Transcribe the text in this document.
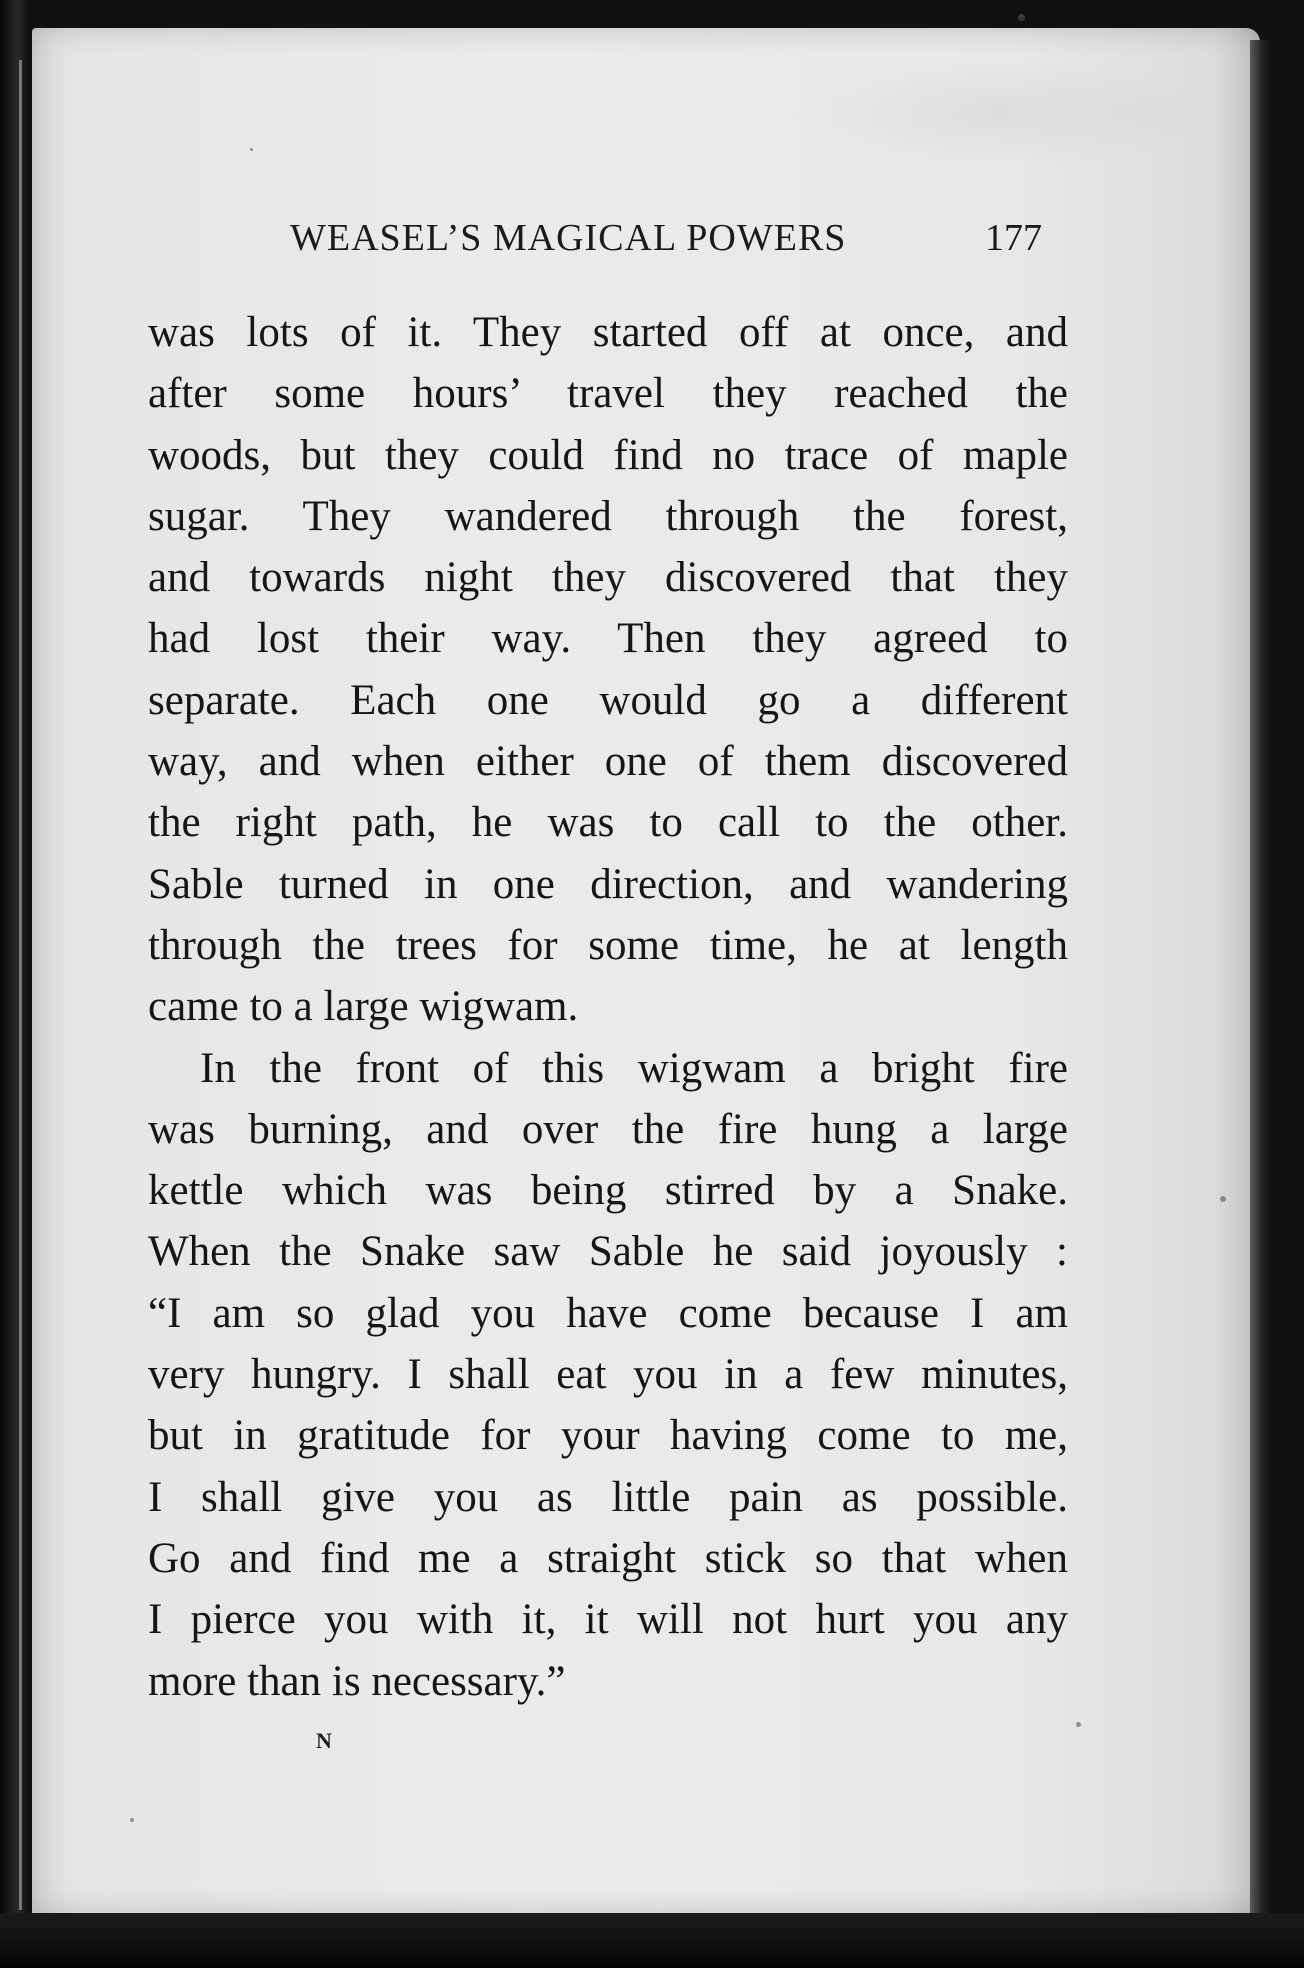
WEASEL’S MAGICAL POWERS	177
was lots of it. They started off at once, and
after some hours’ travel they reached the
woods, but they could find no trace of maple
sugar. They wandered through the forest,
and towards night they discovered that they
had lost their way. Then they agreed to
separate. Each one would go a different
way, and when either one of them discovered
the right path, he was to call to the other.
Sable turned in one direction, and wandering
through the trees for some time, he at length
came to a large wigwam.
In the front of this wigwam a bright fire
was burning, and over the fire hung a large
kettle which was being stirred by a Snake.
When the Snake saw Sable he said joyously :
“I am so glad you have come because I am
very hungry. I shall eat you in a few minutes,
but in gratitude for your having come to me,
I shall give you as little pain as possible.
Go and find me a straight stick so that when
I pierce you with it, it will not hurt you any
more than is necessary.”
N
